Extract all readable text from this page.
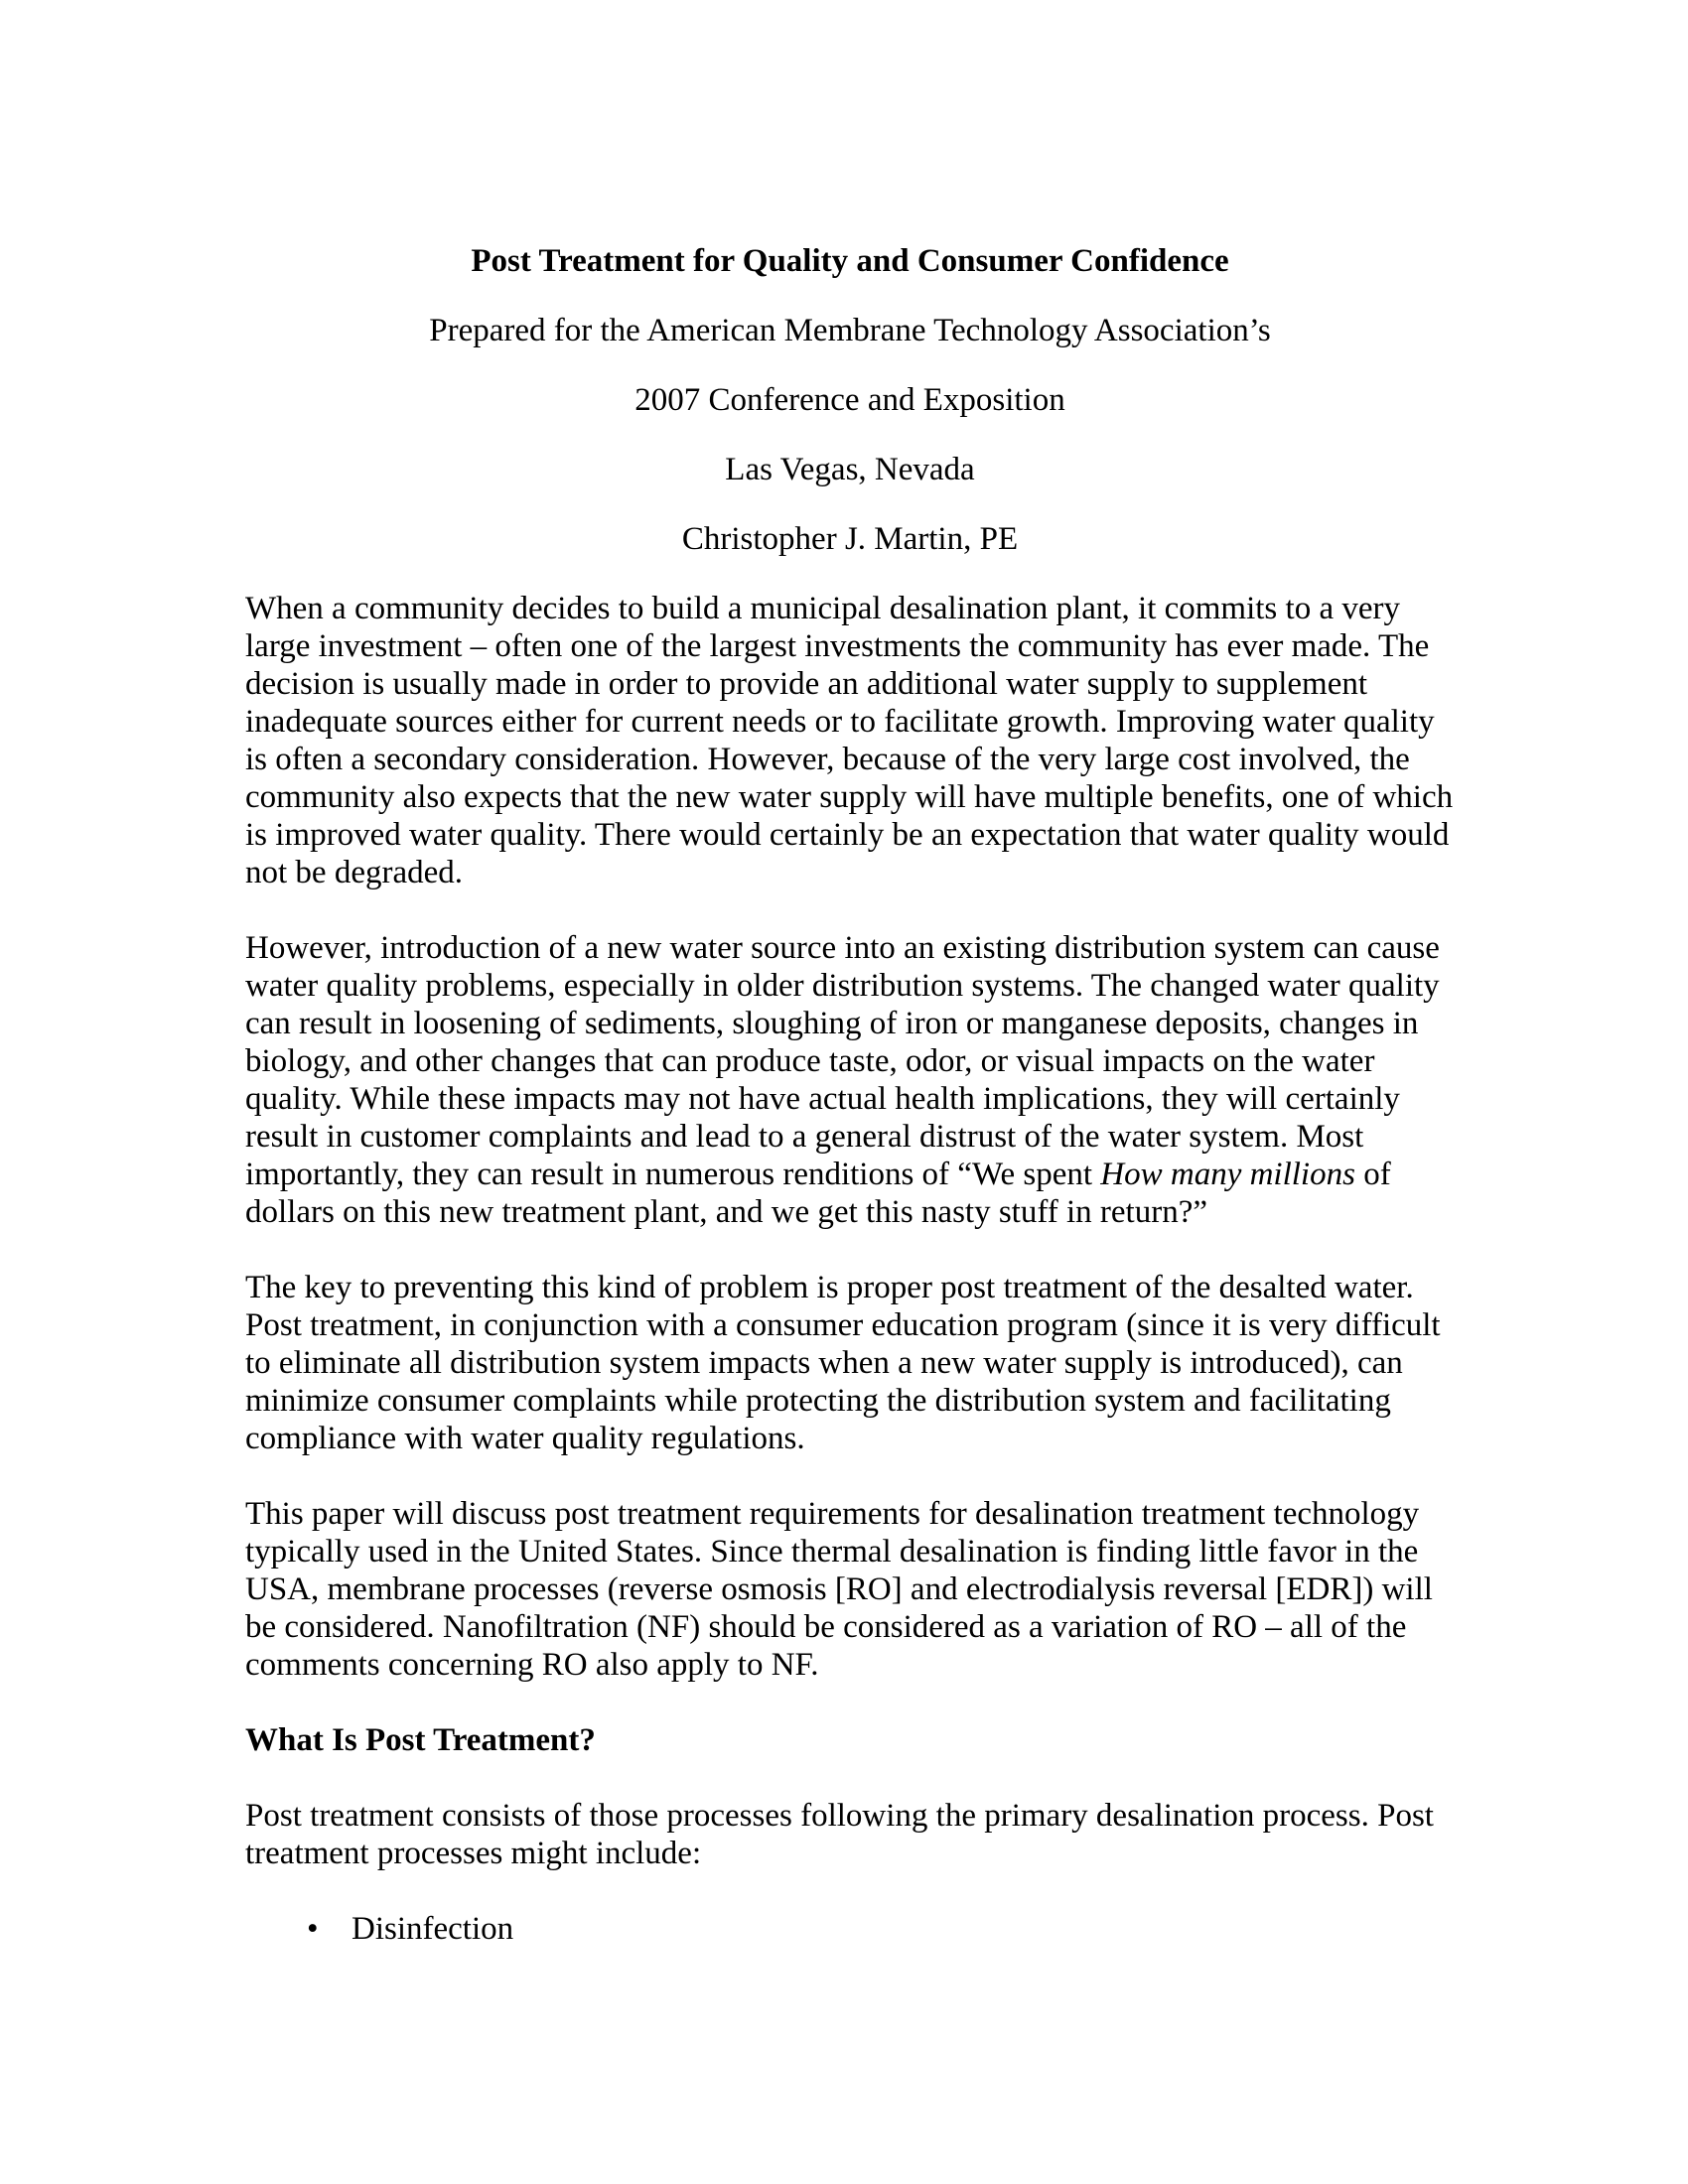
Post Treatment for Quality and Consumer Confidence

Prepared for the American Membrane Technology Association’s

2007 Conference and Exposition

Las Vegas, Nevada

Christopher J. Martin, PE

When a community decides to build a municipal desalination plant, it commits to a very large investment – often one of the largest investments the community has ever made. The decision is usually made in order to provide an additional water supply to supplement inadequate sources either for current needs or to facilitate growth. Improving water quality is often a secondary consideration. However, because of the very large cost involved, the community also expects that the new water supply will have multiple benefits, one of which is improved water quality. There would certainly be an expectation that water quality would not be degraded.

However, introduction of a new water source into an existing distribution system can cause water quality problems, especially in older distribution systems. The changed water quality can result in loosening of sediments, sloughing of iron or manganese deposits, changes in biology, and other changes that can produce taste, odor, or visual impacts on the water quality. While these impacts may not have actual health implications, they will certainly result in customer complaints and lead to a general distrust of the water system. Most importantly, they can result in numerous renditions of “We spent How many millions of dollars on this new treatment plant, and we get this nasty stuff in return?”

The key to preventing this kind of problem is proper post treatment of the desalted water. Post treatment, in conjunction with a consumer education program (since it is very difficult to eliminate all distribution system impacts when a new water supply is introduced), can minimize consumer complaints while protecting the distribution system and facilitating compliance with water quality regulations.

This paper will discuss post treatment requirements for desalination treatment technology typically used in the United States. Since thermal desalination is finding little favor in the USA, membrane processes (reverse osmosis [RO] and electrodialysis reversal [EDR]) will be considered. Nanofiltration (NF) should be considered as a variation of RO – all of the comments concerning RO also apply to NF.

What Is Post Treatment?

Post treatment consists of those processes following the primary desalination process. Post treatment processes might include:

•	Disinfection
